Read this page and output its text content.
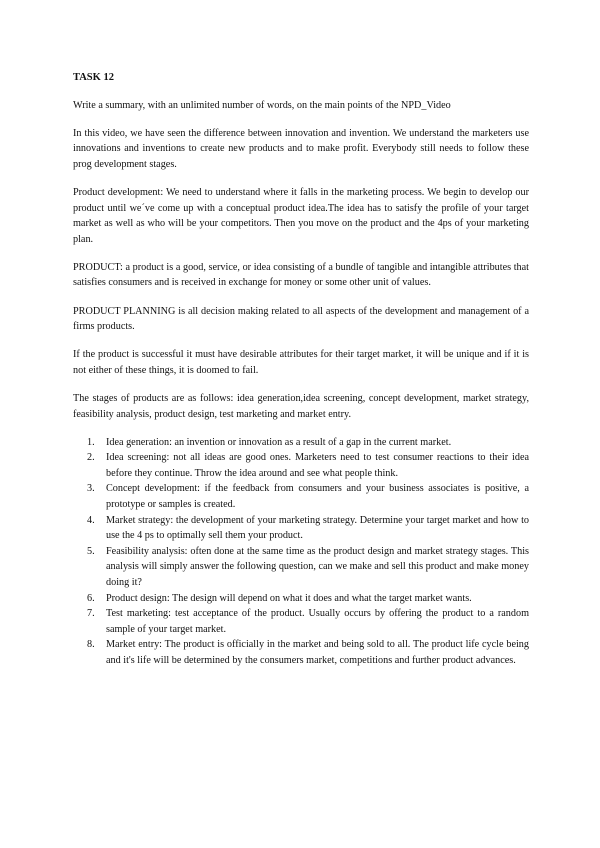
TASK 12

Write a summary, with an unlimited number of words, on the main points of the NPD_Video

In this video, we have seen the difference between innovation and invention. We understand the marketers use innovations and inventions to create new products and to make profit. Everybody still needs to follow these prog development stages.

Product development: We need to understand where it falls in the marketing process. We begin to develop our product until we´ve come up with a conceptual product idea.The idea has to satisfy the profile of your target market as well as who will be your competitors. Then you move on the product and the 4ps of your marketing plan.

PRODUCT: a product is a good, service, or idea consisting of a bundle of tangible and intangible attributes that satisfies consumers and is received in exchange for money or some other unit of values.

PRODUCT PLANNING is all decision making related to all aspects of the development and management of a firms products.

If the product is successful it must have desirable attributes for their target market, it will be unique and if it is not either of these things, it is doomed to fail.

The stages of products are as follows: idea generation,idea screening, concept development, market strategy, feasibility analysis, product design, test marketing and market entry.

1. Idea generation: an invention or innovation as a result of a gap in the current market.
2. Idea screening: not all ideas are good ones. Marketers need to test consumer reactions to their idea before they continue. Throw the idea around and see what people think.
3. Concept development: if the feedback from consumers and your business associates is positive, a prototype or samples is created.
4. Market strategy: the development of your marketing strategy. Determine your target market and how to use the 4 ps to optimally sell them your product.
5. Feasibility analysis: often done at the same time as the product design and market strategy stages. This analysis will simply answer the following question, can we make and sell this product and make money doing it?
6. Product design: The design will depend on what it does and what the target market wants.
7. Test marketing: test acceptance of the product. Usually occurs by offering the product to a random sample of your target market.
8. Market entry: The product is officially in the market and being sold to all. The product life cycle being and it's life will be determined by the consumers market, competitions and further product advances.
